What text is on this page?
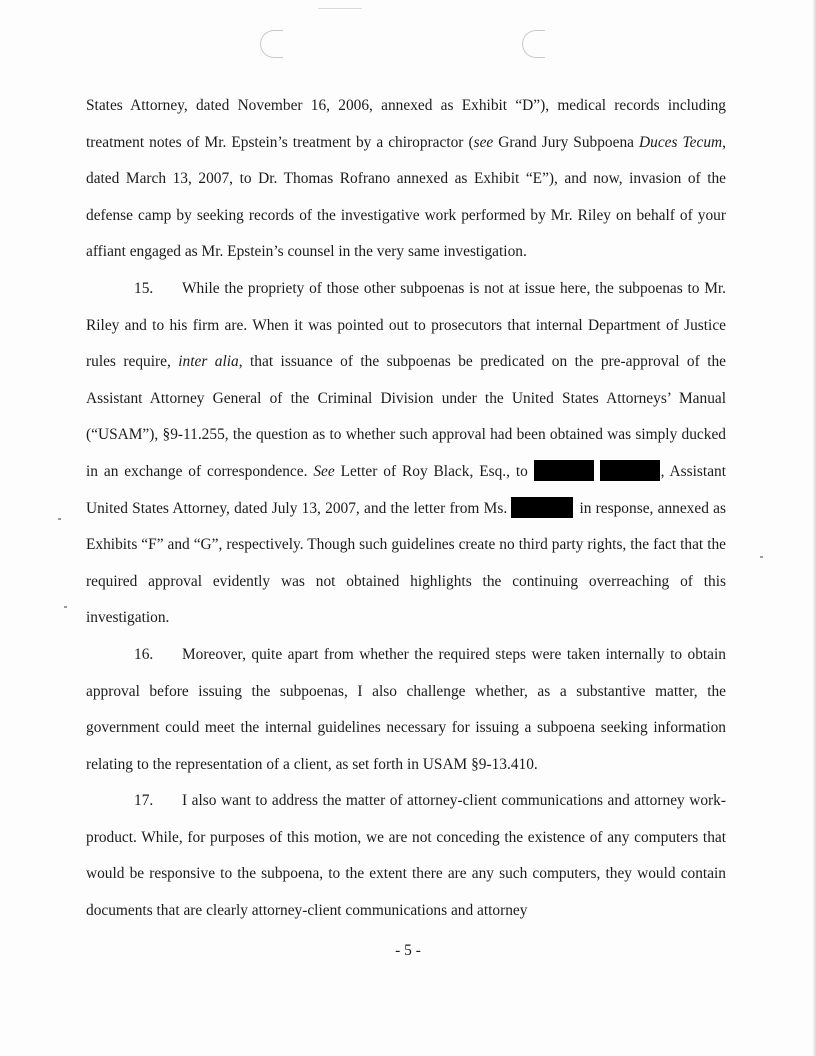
States Attorney, dated November 16, 2006, annexed as Exhibit “D”), medical records including treatment notes of Mr. Epstein’s treatment by a chiropractor (see Grand Jury Subpoena Duces Tecum, dated March 13, 2007, to Dr. Thomas Rofrano annexed as Exhibit “E”), and now, invasion of the defense camp by seeking records of the investigative work performed by Mr. Riley on behalf of your affiant engaged as Mr. Epstein’s counsel in the very same investigation.

15. While the propriety of those other subpoenas is not at issue here, the subpoenas to Mr. Riley and to his firm are. When it was pointed out to prosecutors that internal Department of Justice rules require, inter alia, that issuance of the subpoenas be predicated on the pre-approval of the Assistant Attorney General of the Criminal Division under the United States Attorneys’ Manual (“USAM”), §9-11.255, the question as to whether such approval had been obtained was simply ducked in an exchange of correspondence. See Letter of Roy Black, Esq., to	, Assistant United States Attorney, dated July 13, 2007, and the letter from Ms.	in response, annexed as Exhibits “F” and “G”, respectively. Though such guidelines create no third party rights, the fact that the required approval evidently was not obtained highlights the continuing overreaching of this investigation.

16. Moreover, quite apart from whether the required steps were taken internally to obtain approval before issuing the subpoenas, I also challenge whether, as a substantive matter, the government could meet the internal guidelines necessary for issuing a subpoena seeking information relating to the representation of a client, as set forth in USAM §9-13.410.

17. I also want to address the matter of attorney-client communications and attorney work-product. While, for purposes of this motion, we are not conceding the existence of any computers that would be responsive to the subpoena, to the extent there are any such computers, they would contain documents that are clearly attorney-client communications and attorney

- 5 -
